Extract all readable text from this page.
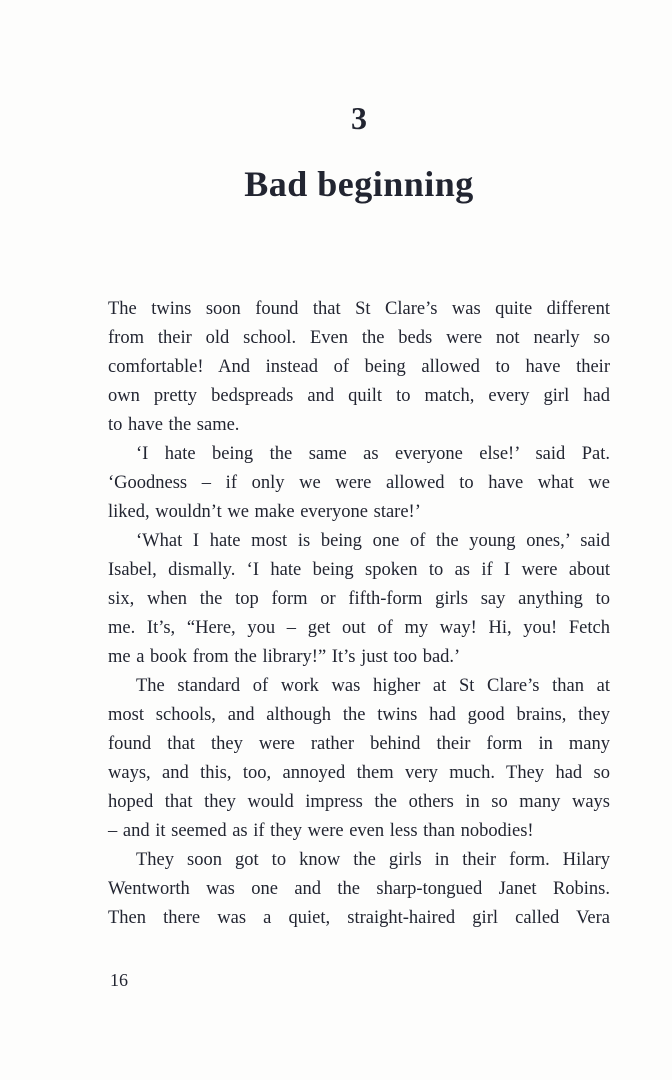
3
Bad beginning
The twins soon found that St Clare’s was quite different
from their old school. Even the beds were not nearly so
comfortable! And instead of being allowed to have their
own pretty bedspreads and quilt to match, every girl had
to have the same.
‘I hate being the same as everyone else!’ said Pat.
‘Goodness – if only we were allowed to have what we
liked, wouldn’t we make everyone stare!’
‘What I hate most is being one of the young ones,’ said
Isabel, dismally. ‘I hate being spoken to as if I were about
six, when the top form or fifth-form girls say anything to
me. It’s, “Here, you – get out of my way! Hi, you! Fetch
me a book from the library!” It’s just too bad.’
The standard of work was higher at St Clare’s than at
most schools, and although the twins had good brains, they
found that they were rather behind their form in many
ways, and this, too, annoyed them very much. They had so
hoped that they would impress the others in so many ways
– and it seemed as if they were even less than nobodies!
They soon got to know the girls in their form. Hilary
Wentworth was one and the sharp-tongued Janet Robins.
Then there was a quiet, straight-haired girl called Vera
16
